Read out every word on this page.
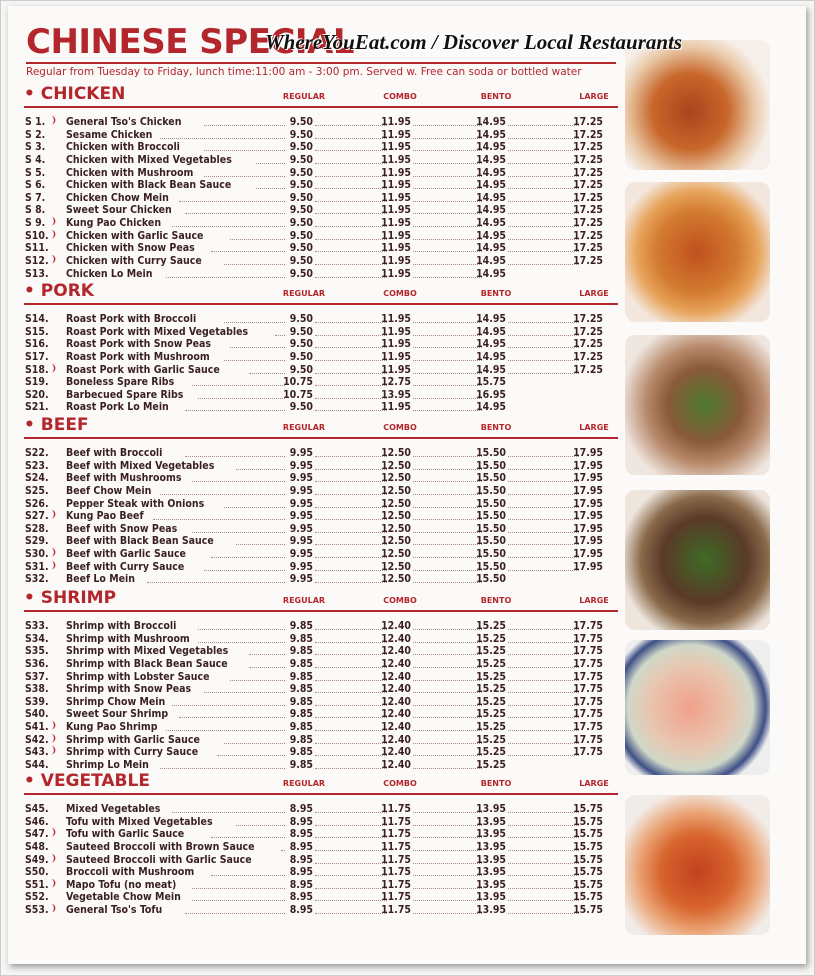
CHINESE SPECIAL
Regular from Tuesday to Friday, lunch time:11:00 am - 3:00 pm. Served w. Free can soda or bottled water
• CHICKEN	REGULAR	COMBO	BENTO	LARGE
S 1. ❩ General Tso's Chicken	9.50	11.95	14.95	17.25
S 2. Sesame Chicken	9.50	11.95	14.95	17.25
S 3. Chicken with Broccoli	9.50	11.95	14.95	17.25
S 4. Chicken with Mixed Vegetables	9.50	11.95	14.95	17.25
S 5. Chicken with Mushroom	9.50	11.95	14.95	17.25
S 6. Chicken with Black Bean Sauce	9.50	11.95	14.95	17.25
S 7. Chicken Chow Mein	9.50	11.95	14.95	17.25
S 8. Sweet Sour Chicken	9.50	11.95	14.95	17.25
S 9. ❩ Kung Pao Chicken	9.50	11.95	14.95	17.25
S10. ❩ Chicken with Garlic Sauce	9.50	11.95	14.95	17.25
S11. Chicken with Snow Peas	9.50	11.95	14.95	17.25
S12. ❩ Chicken with Curry Sauce	9.50	11.95	14.95	17.25
S13. Chicken Lo Mein	9.50	11.95	14.95
• PORK	REGULAR	COMBO	BENTO	LARGE
S14. Roast Pork with Broccoli	9.50	11.95	14.95	17.25
S15. Roast Pork with Mixed Vegetables	9.50	11.95	14.95	17.25
S16. Roast Pork with Snow Peas	9.50	11.95	14.95	17.25
S17. Roast Pork with Mushroom	9.50	11.95	14.95	17.25
S18. ❩ Roast Pork with Garlic Sauce	9.50	11.95	14.95	17.25
S19. Boneless Spare Ribs	10.75	12.75	15.75
S20. Barbecued Spare Ribs	10.75	13.95	16.95
S21. Roast Pork Lo Mein	9.50	11.95	14.95
• BEEF	REGULAR	COMBO	BENTO	LARGE
S22. Beef with Broccoli	9.95	12.50	15.50	17.95
S23. Beef with Mixed Vegetables	9.95	12.50	15.50	17.95
S24. Beef with Mushrooms	9.95	12.50	15.50	17.95
S25. Beef Chow Mein	9.95	12.50	15.50	17.95
S26. Pepper Steak with Onions	9.95	12.50	15.50	17.95
S27. ❩ Kung Pao Beef	9.95	12.50	15.50	17.95
S28. Beef with Snow Peas	9.95	12.50	15.50	17.95
S29. Beef with Black Bean Sauce	9.95	12.50	15.50	17.95
S30. ❩ Beef with Garlic Sauce	9.95	12.50	15.50	17.95
S31. ❩ Beef with Curry Sauce	9.95	12.50	15.50	17.95
S32. Beef Lo Mein	9.95	12.50	15.50
• SHRIMP	REGULAR	COMBO	BENTO	LARGE
S33. Shrimp with Broccoli	9.85	12.40	15.25	17.75
S34. Shrimp with Mushroom	9.85	12.40	15.25	17.75
S35. Shrimp with Mixed Vegetables	9.85	12.40	15.25	17.75
S36. Shrimp with Black Bean Sauce	9.85	12.40	15.25	17.75
S37. Shrimp with Lobster Sauce	9.85	12.40	15.25	17.75
S38. Shrimp with Snow Peas	9.85	12.40	15.25	17.75
S39. Shrimp Chow Mein	9.85	12.40	15.25	17.75
S40. Sweet Sour Shrimp	9.85	12.40	15.25	17.75
S41. ❩ Kung Pao Shrimp	9.85	12.40	15.25	17.75
S42. ❩ Shrimp with Garlic Sauce	9.85	12.40	15.25	17.75
S43. ❩ Shrimp with Curry Sauce	9.85	12.40	15.25	17.75
S44. Shrimp Lo Mein	9.85	12.40	15.25
• VEGETABLE	REGULAR	COMBO	BENTO	LARGE
S45. Mixed Vegetables	8.95	11.75	13.95	15.75
S46. Tofu with Mixed Vegetables	8.95	11.75	13.95	15.75
S47. ❩ Tofu with Garlic Sauce	8.95	11.75	13.95	15.75
S48. Sauteed Broccoli with Brown Sauce	8.95	11.75	13.95	15.75
S49. ❩ Sauteed Broccoli with Garlic Sauce	8.95	11.75	13.95	15.75
S50. Broccoli with Mushroom	8.95	11.75	13.95	15.75
S51. ❩ Mapo Tofu (no meat)	8.95	11.75	13.95	15.75
S52. Vegetable Chow Mein	8.95	11.75	13.95	15.75
S53. ❩ General Tso's Tofu	8.95	11.75	13.95	15.75
WhereYouEat.com / Discover Local Restaurants
